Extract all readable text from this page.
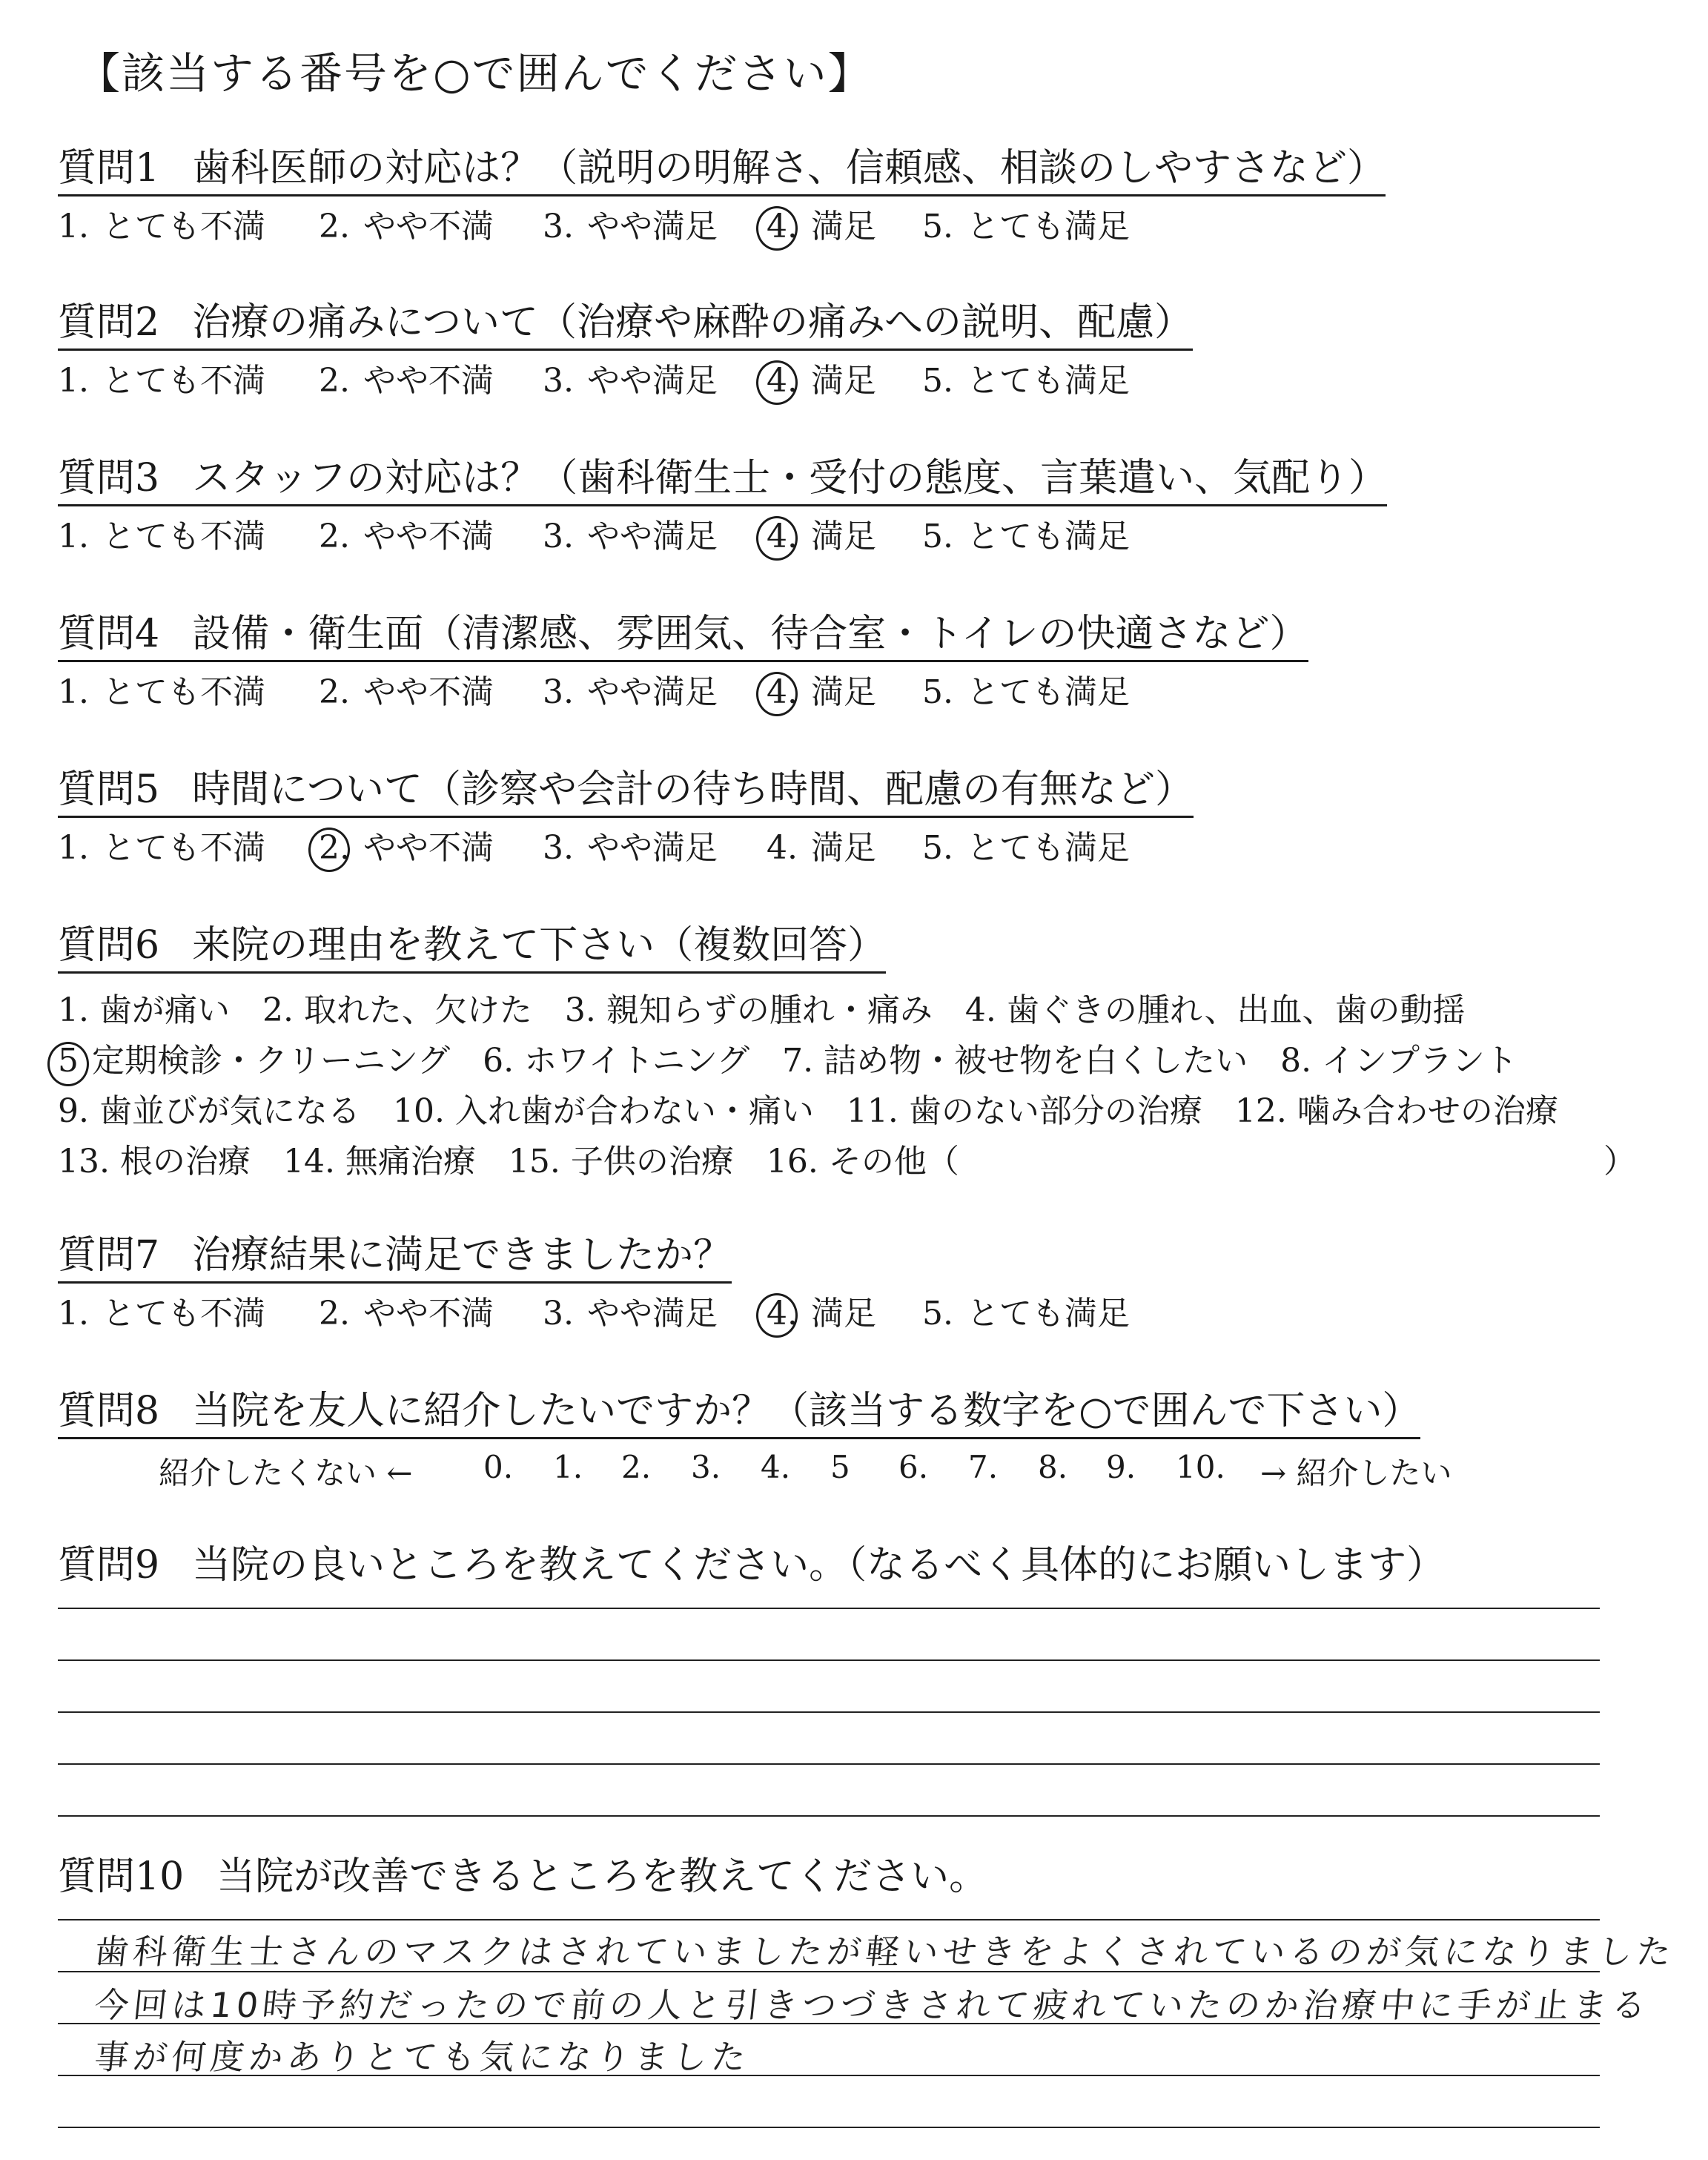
【該当する番号を○で囲んでください】
質問1 歯科医師の対応は？（説明の明解さ、信頼感、相談のしやすさなど）
1. とても不満 2. やや不満 3. やや満足 4. 満足 5. とても満足
質問2 治療の痛みについて（治療や麻酔の痛みへの説明、配慮）
1. とても不満 2. やや不満 3. やや満足 4. 満足 5. とても満足
質問3 スタッフの対応は？（歯科衛生士・受付の態度、言葉遣い、気配り）
1. とても不満 2. やや不満 3. やや満足 4. 満足 5. とても満足
質問4 設備・衛生面（清潔感、雰囲気、待合室・トイレの快適さなど）
1. とても不満 2. やや不満 3. やや満足 4. 満足 5. とても満足
質問5 時間について（診察や会計の待ち時間、配慮の有無など）
1. とても不満 2. やや不満 3. やや満足 4. 満足 5. とても満足
質問6 来院の理由を教えて下さい（複数回答）
1. 歯が痛い　2. 取れた、欠けた　3. 親知らずの腫れ・痛み　4. 歯ぐきの腫れ、出血、歯の動揺
5 定期検診・クリーニング　6. ホワイトニング　7. 詰め物・被せ物を白くしたい　8. インプラント
9. 歯並びが気になる　10. 入れ歯が合わない・痛い　11. 歯のない部分の治療　12. 噛み合わせの治療
13. 根の治療　14. 無痛治療　15. 子供の治療　16. その他（	）
質問7 治療結果に満足できましたか？
1. とても不満 2. やや不満 3. やや満足 4. 満足 5. とても満足
質問8 当院を友人に紹介したいですか？（該当する数字を○で囲んで下さい）
紹介したくない ← 0. 1. 2. 3. 4. 5 6. 7. 8. 9. 10. → 紹介したい
質問9 当院の良いところを教えてください。（なるべく具体的にお願いします）
質問10 当院が改善できるところを教えてください。
歯科衛生士さんのマスクはされていましたが軽いせきをよくされているのが気になりました
今回は10時予約だったので前の人と引きつづきされて疲れていたのか治療中に手が止まる
事が何度かありとても気になりました
